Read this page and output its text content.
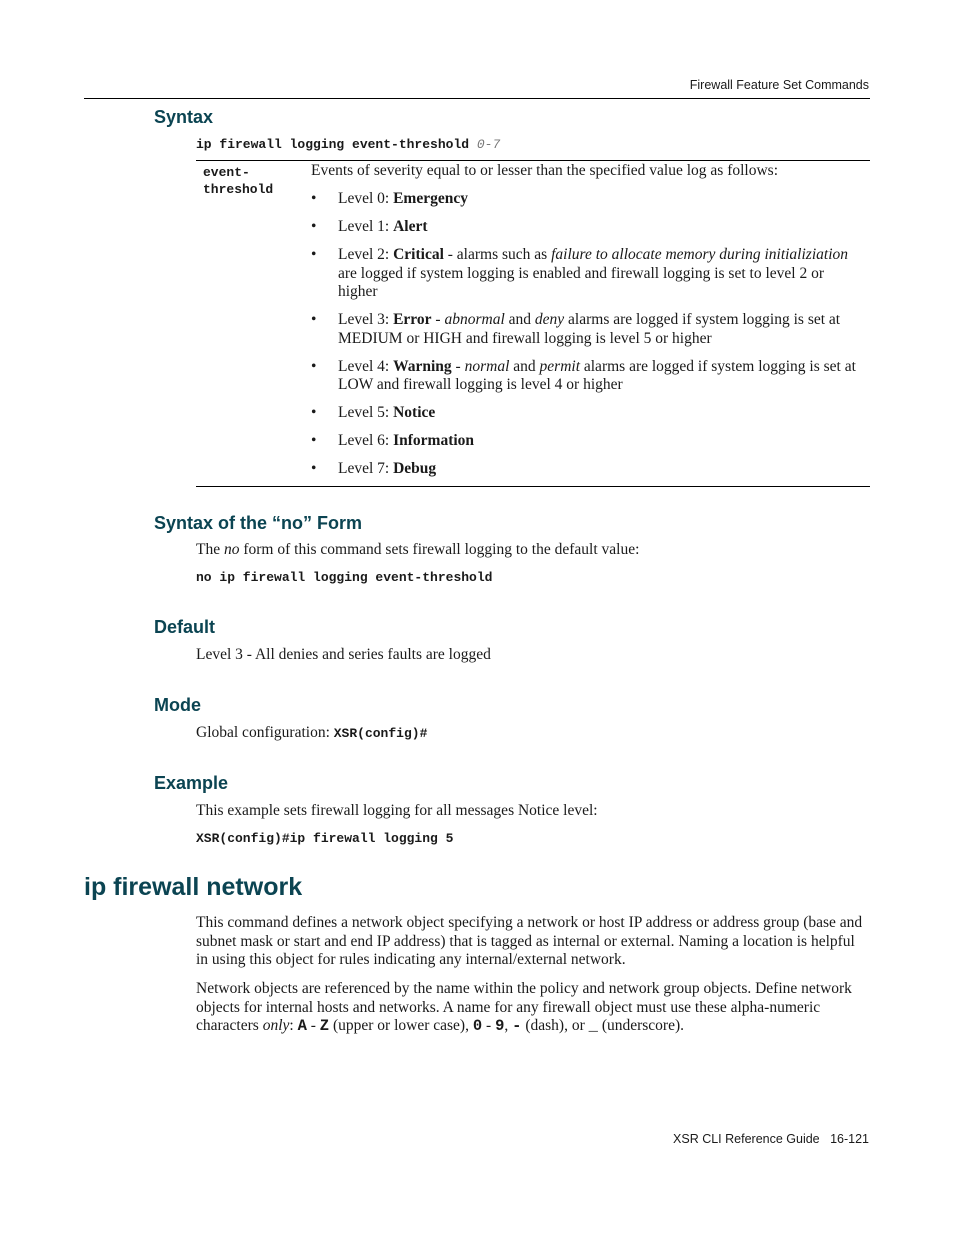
Firewall Feature Set Commands
Syntax
ip firewall logging event-threshold 0-7
event-
threshold
Events of severity equal to or lesser than the specified value log as follows:
• Level 0: Emergency
• Level 1: Alert
• Level 2: Critical - alarms such as failure to allocate memory during initializiation are logged if system logging is enabled and firewall logging is set to level 2 or higher
• Level 3: Error - abnormal and deny alarms are logged if system logging is set at MEDIUM or HIGH and firewall logging is level 5 or higher
• Level 4: Warning - normal and permit alarms are logged if system logging is set at LOW and firewall logging is level 4 or higher
• Level 5: Notice
• Level 6: Information
• Level 7: Debug
Syntax of the “no” Form
The no form of this command sets firewall logging to the default value:
no ip firewall logging event-threshold
Default
Level 3 - All denies and series faults are logged
Mode
Global configuration: XSR(config)#
Example
This example sets firewall logging for all messages Notice level:
XSR(config)#ip firewall logging 5
ip firewall network
This command defines a network object specifying a network or host IP address or address group (base and subnet mask or start and end IP address) that is tagged as internal or external. Naming a location is helpful in using this object for rules indicating any internal/external network.
Network objects are referenced by the name within the policy and network group objects. Define network objects for internal hosts and networks. A name for any firewall object must use these alpha-numeric characters only: A - Z (upper or lower case), 0 - 9, - (dash), or _ (underscore).
XSR CLI Reference Guide 16-121
